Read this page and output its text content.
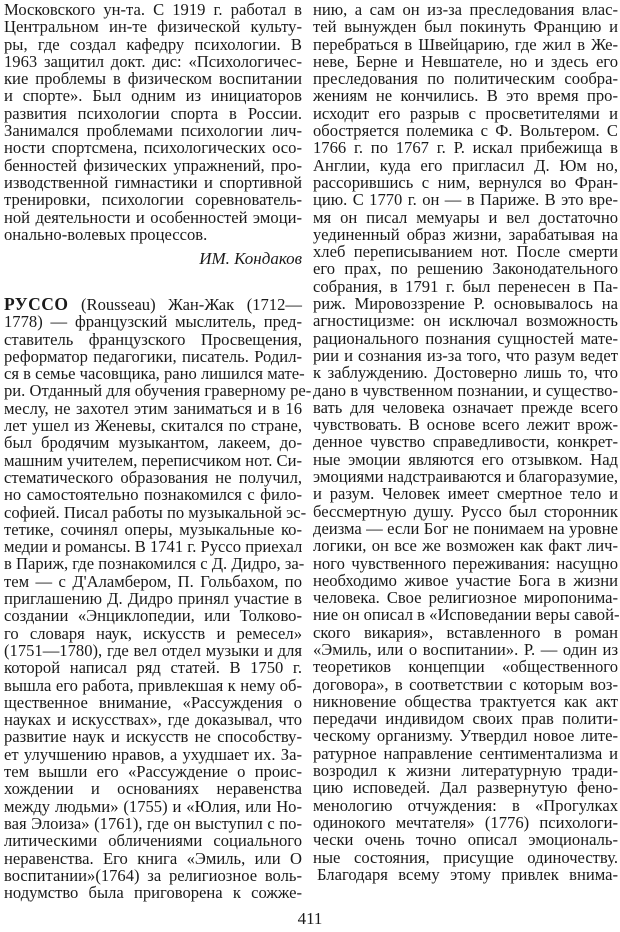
Московского ун-та. С 1919 г. работал в
Центральном ин-те физической культу-
ры, где создал кафедру психологии. В
1963 защитил докт. дис: «Психологичес-
кие проблемы в физическом воспитании
и спорте». Был одним из инициаторов
развития психологии спорта в России.
Занимался проблемами психологии лич-
ности спортсмена, психологических осо-
бенностей физических упражнений, про-
изводственной гимнастики и спортивной
тренировки, психологии соревнователь-
ной деятельности и особенностей эмоци-
онально-волевых процессов.
ИМ. Кондаков
РУССО (Rousseau) Жан-Жак (1712—
1778) — французский мыслитель, пред-
ставитель французского Просвещения,
реформатор педагогики, писатель. Родил-
ся в семье часовщика, рано лишился мате-
ри. Отданный для обучения граверному ре-
меслу, не захотел этим заниматься и в 16
лет ушел из Женевы, скитался по стране,
был бродячим музыкантом, лакеем, до-
машним учителем, переписчиком нот. Си-
стематического образования не получил,
но самостоятельно познакомился с фило-
софией. Писал работы по музыкальной эс-
тетике, сочинял оперы, музыкальные ко-
медии и романсы. В 1741 г. Руссо приехал
в Париж, где познакомился с Д. Дидро, за-
тем — с Д'Аламбером, П. Гольбахом, по
приглашению Д. Дидро принял участие в
создании «Энциклопедии, или Толково-
го словаря наук, искусств и ремесел»
(1751—1780), где вел отдел музыки и для
которой написал ряд статей. В 1750 г.
вышла его работа, привлекшая к нему об-
щественное внимание, «Рассуждения о
науках и искусствах», где доказывал, что
развитие наук и искусств не способству-
ет улучшению нравов, а ухудшает их. За-
тем вышли его «Рассуждение о проис-
хождении и основаниях неравенства
между людьми» (1755) и «Юлия, или Но-
вая Элоиза» (1761), где он выступил с по-
литическими обличениями социального
неравенства. Его книга «Эмиль, или О
воспитании»(1764) за религиозное воль-
нодумство была приговорена к сожже-
нию, а сам он из-за преследования влас-
тей вынужден был покинуть Францию и
перебраться в Швейцарию, где жил в Же-
неве, Берне и Невшателе, но и здесь его
преследования по политическим сообра-
жениям не кончились. В это время про-
исходит его разрыв с просветителями и
обостряется полемика с Ф. Вольтером. С
1766 г. по 1767 г. Р. искал прибежища в
Англии, куда его пригласил Д. Юм но,
рассорившись с ним, вернулся во Фран-
цию. С 1770 г. он — в Париже. В это вре-
мя он писал мемуары и вел достаточно
уединенный образ жизни, зарабатывая на
хлеб переписыванием нот. После смерти
его прах, по решению Законодательного
собрания, в 1791 г. был перенесен в Па-
риж. Мировоззрение Р. основывалось на
агностицизме: он исключал возможность
рационального познания сущностей мате-
рии и сознания из-за того, что разум ведет
к заблуждению. Достоверно лишь то, что
дано в чувственном познании, и существо-
вать для человека означает прежде всего
чувствовать. В основе всего лежит врож-
денное чувство справедливости, конкрет-
ные эмоции являются его отзывком. Над
эмоциями надстраиваются и благоразумие,
и разум. Человек имеет смертное тело и
бессмертную душу. Руссо был сторонник
деизма — если Бог не понимаем на уровне
логики, он все же возможен как факт лич-
ного чувственного переживания: насущно
необходимо живое участие Бога в жизни
человека. Свое религиозное миропонима-
ние он описал в «Исповедании веры савой-
ского викария», вставленного в роман
«Эмиль, или о воспитании». Р. — один из
теоретиков концепции «общественного
договора», в соответствии с которым воз-
никновение общества трактуется как акт
передачи индивидом своих прав полити-
ческому организму. Утвердил новое лите-
ратурное направление сентиментализма и
возродил к жизни литературную тради-
цию исповедей. Дал развернутую фено-
менологию отчуждения: в «Прогулках
одинокого мечтателя» (1776) психологи-
чески очень точно описал эмоциональ-
ные состояния, присущие одиночеству.
Благодаря всему этому привлек внима-
411
